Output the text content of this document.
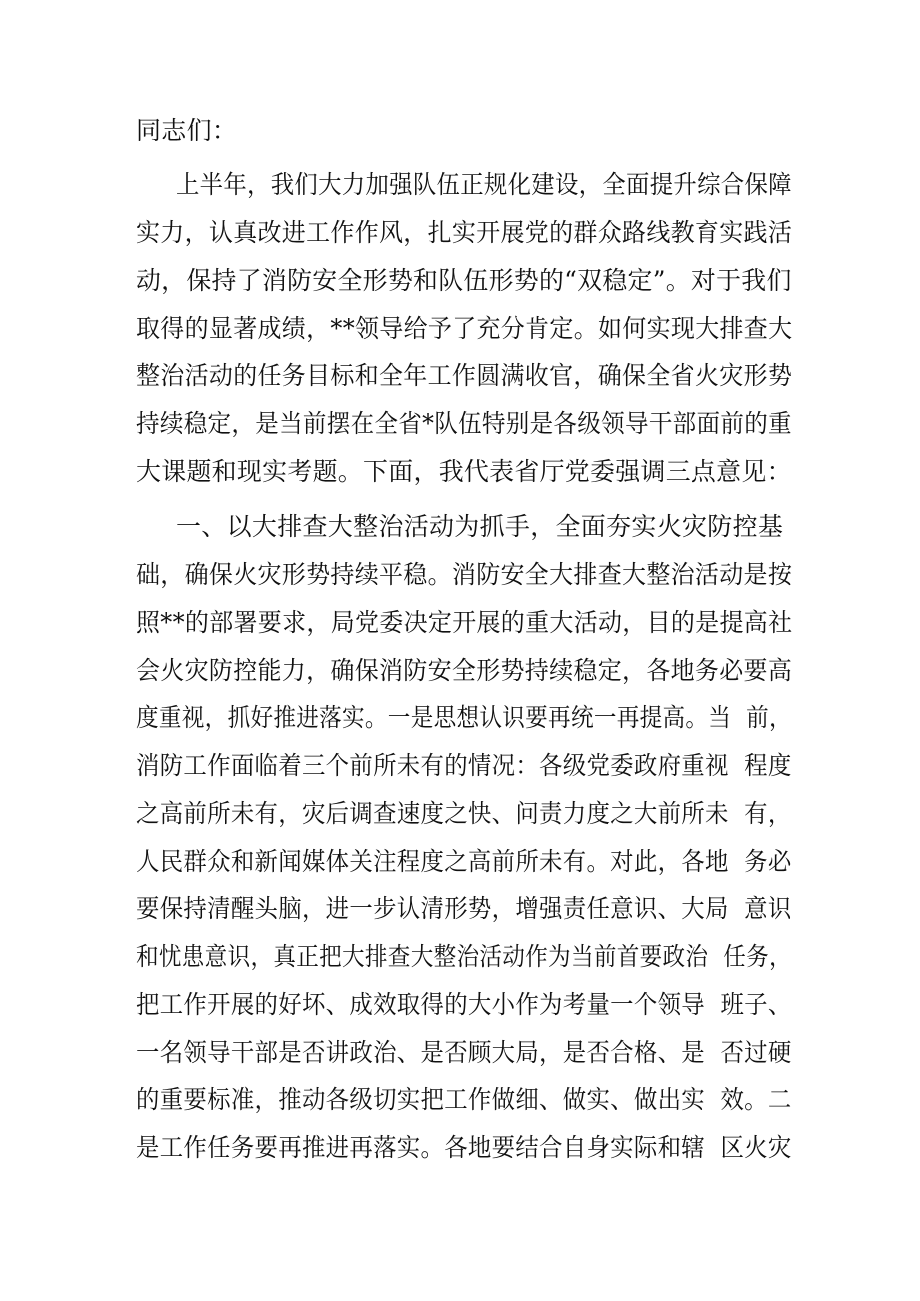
同志们：
上半年，我们大力加强队伍正规化建设，全面提升综合保障
实力，认真改进工作作风，扎实开展党的群众路线教育实践活
动，保持了消防安全形势和队伍形势的“双稳定”。对于我们
取得的显著成绩，**领导给予了充分肯定。如何实现大排查大
整治活动的任务目标和全年工作圆满收官，确保全省火灾形势
持续稳定，是当前摆在全省*队伍特别是各级领导干部面前的重
大课题和现实考题。下面，我代表省厅党委强调三点意见：
一、以大排查大整治活动为抓手，全面夯实火灾防控基
础，确保火灾形势持续平稳。消防安全大排查大整治活动是按
照**的部署要求，局党委决定开展的重大活动，目的是提高社
会火灾防控能力，确保消防安全形势持续稳定，各地务必要高
度重视，抓好推进落实。一是思想认识要再统一再提高。当  前，
消防工作面临着三个前所未有的情况：各级党委政府重视  程度
之高前所未有，灾后调查速度之快、问责力度之大前所未  有，
人民群众和新闻媒体关注程度之高前所未有。对此，各地  务必
要保持清醒头脑，进一步认清形势，增强责任意识、大局  意识
和忧患意识，真正把大排查大整治活动作为当前首要政治  任务，
把工作开展的好坏、成效取得的大小作为考量一个领导  班子、
一名领导干部是否讲政治、是否顾大局，是否合格、是  否过硬
的重要标准，推动各级切实把工作做细、做实、做出实  效。二
是工作任务要再推进再落实。各地要结合自身实际和辖  区火灾
